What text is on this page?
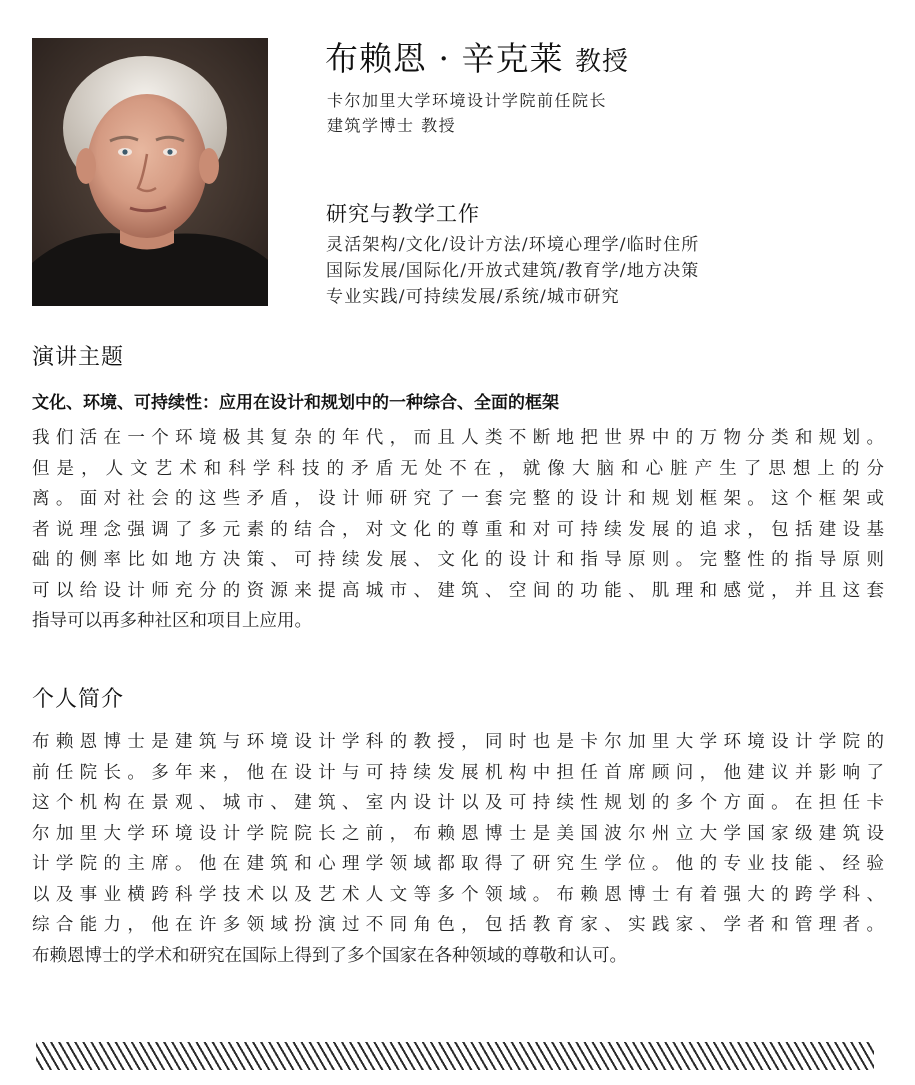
布赖恩 · 辛克莱 教授
卡尔加里大学环境设计学院前任院长
建筑学博士 教授
研究与教学工作
灵活架构/文化/设计方法/环境心理学/临时住所
国际发展/国际化/开放式建筑/教育学/地方决策
专业实践/可持续发展/系统/城市研究
演讲主题
文化、环境、可持续性：应用在设计和规划中的一种综合、全面的框架
我们活在一个环境极其复杂的年代，而且人类不断地把世界中的万物分类和规划。
但是，人文艺术和科学科技的矛盾无处不在，就像大脑和心脏产生了思想上的分
离。面对社会的这些矛盾，设计师研究了一套完整的设计和规划框架。这个框架或
者说理念强调了多元素的结合，对文化的尊重和对可持续发展的追求，包括建设基
础的侧率比如地方决策、可持续发展、文化的设计和指导原则。完整性的指导原则
可以给设计师充分的资源来提高城市、建筑、空间的功能、肌理和感觉，并且这套
指导可以再多种社区和项目上应用。
个人简介
布赖恩博士是建筑与环境设计学科的教授，同时也是卡尔加里大学环境设计学院的
前任院长。多年来，他在设计与可持续发展机构中担任首席顾问，他建议并影响了
这个机构在景观、城市、建筑、室内设计以及可持续性规划的多个方面。在担任卡
尔加里大学环境设计学院院长之前，布赖恩博士是美国波尔州立大学国家级建筑设
计学院的主席。他在建筑和心理学领域都取得了研究生学位。他的专业技能、经验
以及事业横跨科学技术以及艺术人文等多个领域。布赖恩博士有着强大的跨学科、
综合能力，他在许多领域扮演过不同角色，包括教育家、实践家、学者和管理者。
布赖恩博士的学术和研究在国际上得到了多个国家在各种领域的尊敬和认可。
